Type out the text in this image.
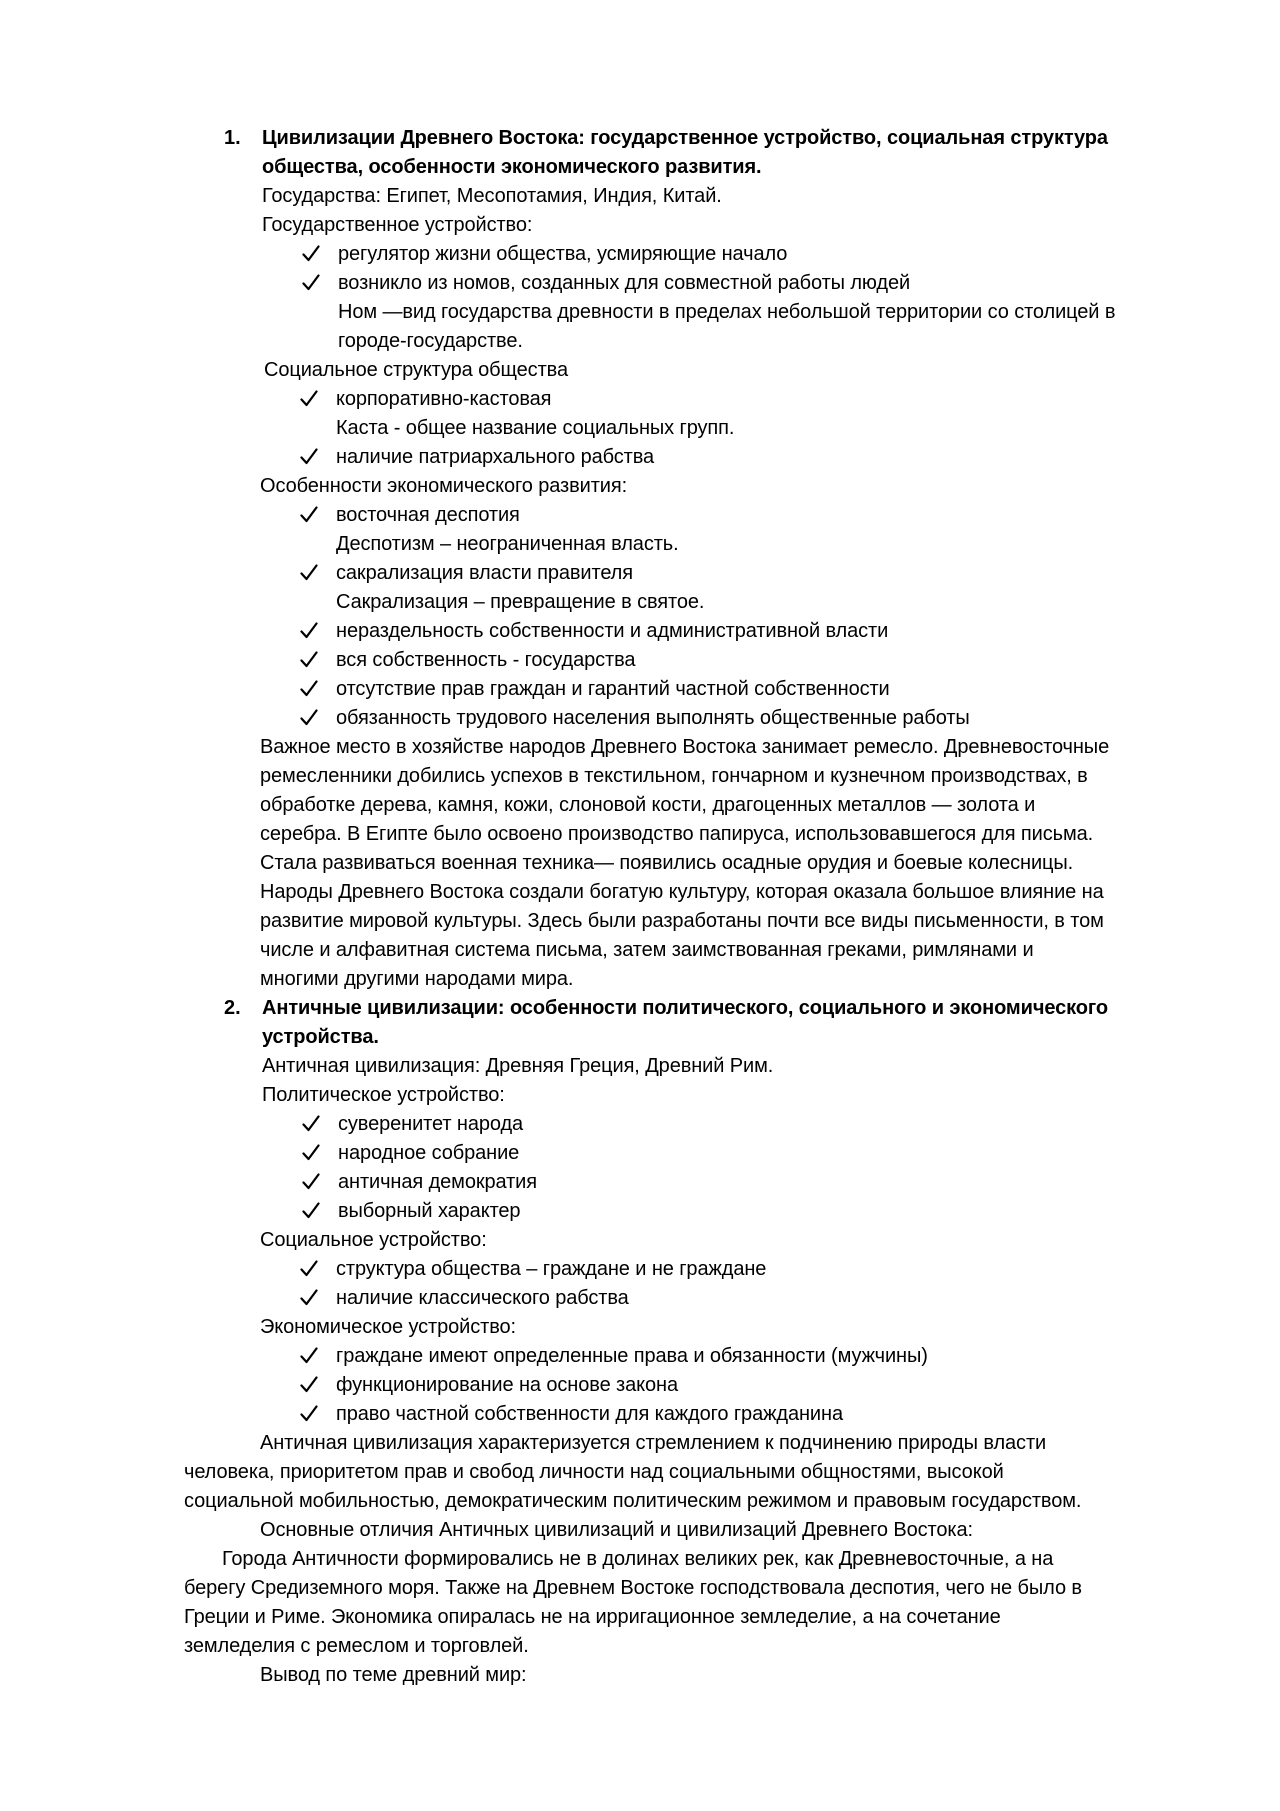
1. Цивилизации Древнего Востока: государственное устройство, социальная структура
общества, особенности экономического развития.
Государства: Египет, Месопотамия, Индия, Китай.
Государственное устройство:
регулятор жизни общества, усмиряющие начало
возникло из номов, созданных для совместной работы людей
Ном —вид государства древности в пределах небольшой территории со столицей в
городе-государстве.
Социальное структура общества
корпоративно-кастовая
Каста - общее название социальных групп.
наличие патриархального рабства
Особенности экономического развития:
восточная деспотия
Деспотизм – неограниченная власть.
сакрализация власти правителя
Сакрализация – превращение в святое.
нераздельность собственности и административной власти
вся собственность - государства
отсутствие прав граждан и гарантий частной собственности
обязанность трудового населения выполнять общественные работы
Важное место в хозяйстве народов Древнего Востока занимает ремесло. Древневосточные
ремесленники добились успехов в текстильном, гончарном и кузнечном производствах, в
обработке дерева, камня, кожи, слоновой кости, драгоценных металлов — золота и
серебра. В Египте было освоено производство папируса, использовавшегося для письма.
Стала развиваться военная техника— появились осадные орудия и боевые колесницы.
Народы Древнего Востока создали богатую культуру, которая оказала большое влияние на
развитие мировой культуры. Здесь были разработаны почти все виды письменности, в том
числе и алфавитная система письма, затем заимствованная греками, римлянами и
многими другими народами мира.
2. Античные цивилизации: особенности политического, социального и экономического
устройства.
Античная цивилизация: Древняя Греция, Древний Рим.
Политическое устройство:
суверенитет народа
народное собрание
античная демократия
выборный характер
Социальное устройство:
структура общества – граждане и не граждане
наличие классического рабства
Экономическое устройство:
граждане имеют определенные права и обязанности (мужчины)
функционирование на основе закона
право частной собственности для каждого гражданина
Античная цивилизация характеризуется стремлением к подчинению природы власти
человека, приоритетом прав и свобод личности над социальными общностями, высокой
социальной мобильностью, демократическим политическим режимом и правовым государством.
Основные отличия Античных цивилизаций и цивилизаций Древнего Востока:
Города Античности формировались не в долинах великих рек, как Древневосточные, а на
берегу Средиземного моря. Также на Древнем Востоке господствовала деспотия, чего не было в
Греции и Риме. Экономика опиралась не на ирригационное земледелие, а на сочетание
земледелия с ремеслом и торговлей.
Вывод по теме древний мир:
